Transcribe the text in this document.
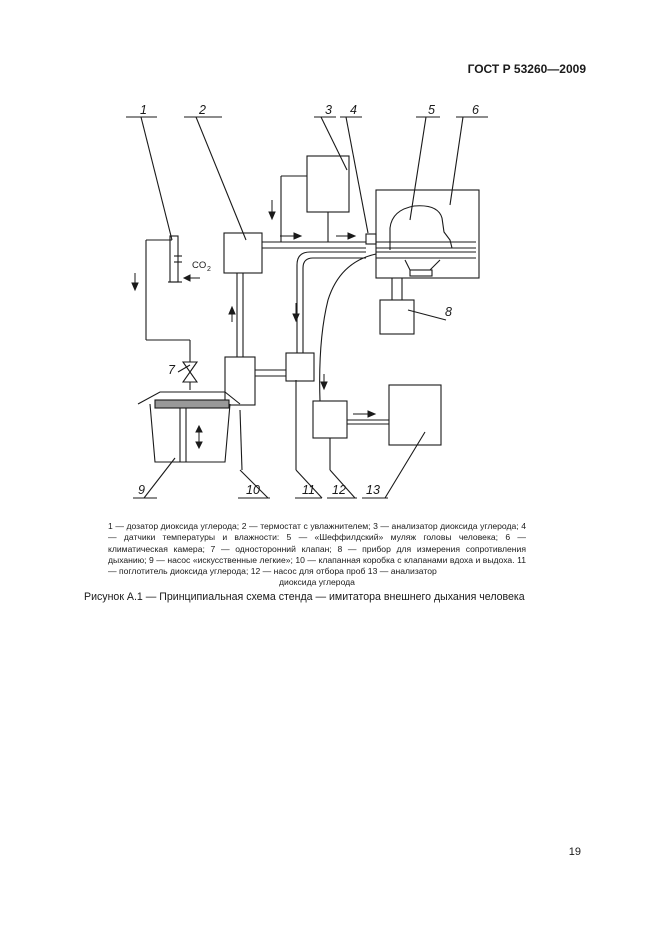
ГОСТ Р 53260—2009
1	2	3 4	5	6
7
8
9	10	11 12 13
CO 2
1 — дозатор диоксида углерода; 2 — термостат с увлажнителем; 3 — анализатор диоксида углерода; 4 — датчики температуры и влажности: 5 — «Шеффилдский» муляж головы человека; 6 — климатическая камера; 7 — односторонний клапан; 8 — прибор для измерения сопротивления дыханию; 9 — насос «искусственные легкие»; 10 — клапанная коробка с клапанами вдоха и выдоха. 11 — поглотитель диоксида углерода; 12 — насос для отбора проб 13 — анализатор
диоксида углерода
Рисунок А.1 — Принципиальная схема стенда — имитатора внешнего дыхания человека
19
